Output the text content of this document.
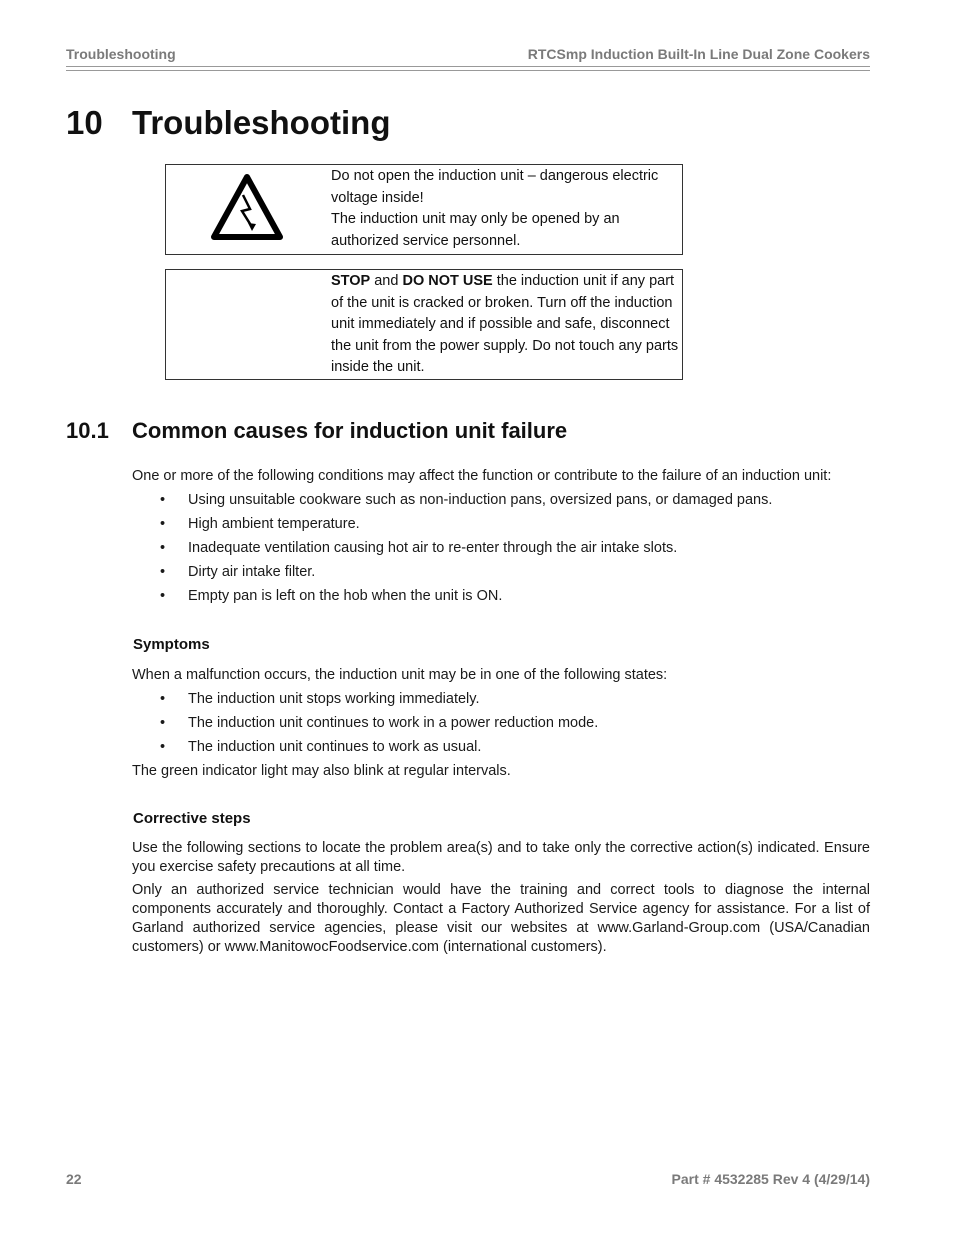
Troubleshooting	RTCSmp Induction Built-In Line Dual Zone Cookers
10 Troubleshooting

Do not open the induction unit – dangerous electric voltage inside!

The induction unit may only be opened by an authorized service personnel.

STOP and DO NOT USE the induction unit if any part of the unit is cracked or broken. Turn off the induction unit immediately and if possible and safe, disconnect the unit from the power supply. Do not touch any parts inside the unit.

10.1 Common causes for induction unit failure

One or more of the following conditions may affect the function or contribute to the failure of an induction unit:

• Using unsuitable cookware such as non-induction pans, oversized pans, or damaged pans.
• High ambient temperature.
• Inadequate ventilation causing hot air to re-enter through the air intake slots.
• Dirty air intake filter.
• Empty pan is left on the hob when the unit is ON.
Symptoms

When a malfunction occurs, the induction unit may be in one of the following states:

• The induction unit stops working immediately.
• The induction unit continues to work in a power reduction mode.
• The induction unit continues to work as usual.

The green indicator light may also blink at regular intervals.

Corrective steps

Use the following sections to locate the problem area(s) and to take only the corrective action(s) indicated. Ensure you exercise safety precautions at all time.

Only an authorized service technician would have the training and correct tools to diagnose the internal components accurately and thoroughly. Contact a Factory Authorized Service agency for assistance. For a list of Garland authorized service agencies, please visit our websites at www.Garland-Group.com (USA/Canadian customers) or www.ManitowocFoodservice.com (international customers).

22	Part # 4532285 Rev 4 (4/29/14)
